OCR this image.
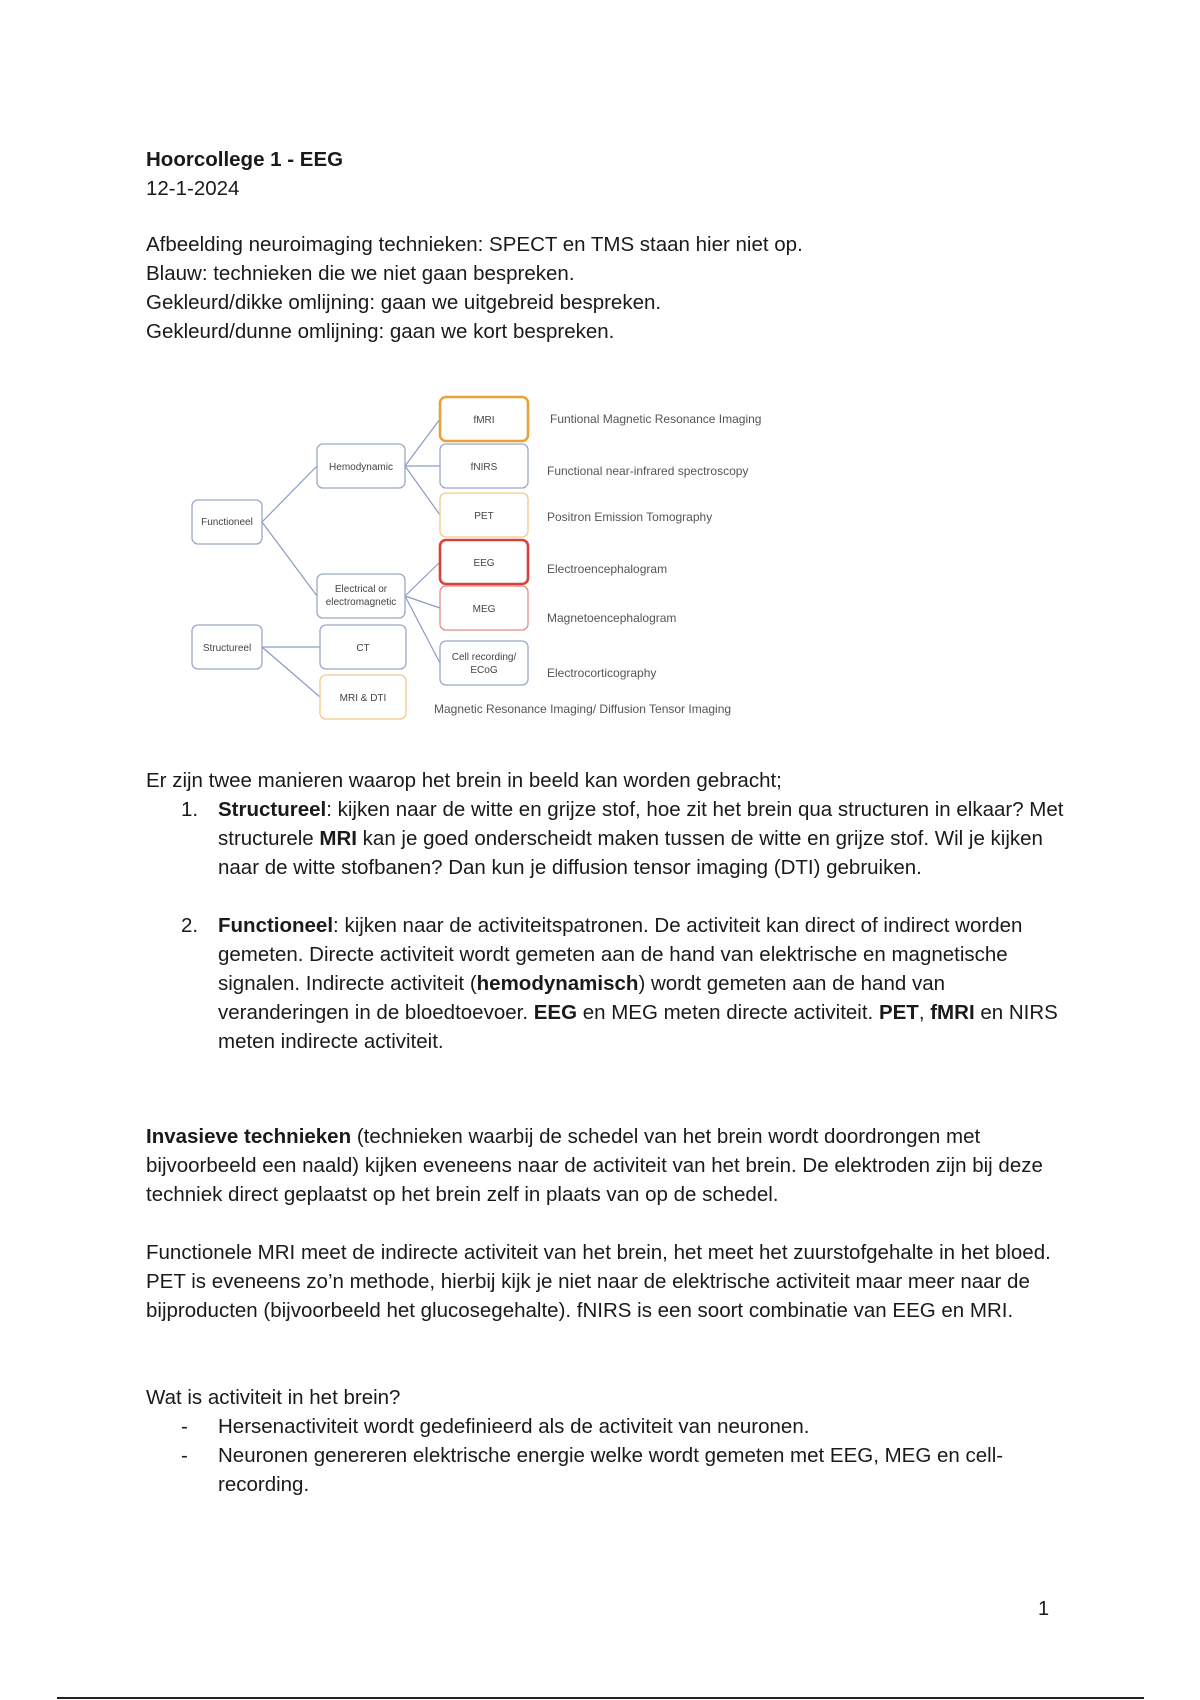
Hoorcollege 1 - EEG
12-1-2024
Afbeelding neuroimaging technieken: SPECT en TMS staan hier niet op.
Blauw: technieken die we niet gaan bespreken.
Gekleurd/dikke omlijning: gaan we uitgebreid bespreken.
Gekleurd/dunne omlijning: gaan we kort bespreken.
Functioneel
Structureel
Hemodynamic
Electrical or
electromagnetic
CT
MRI & DTI
fMRI
fNIRS
PET
EEG
MEG
Cell recording/
ECoG
Funtional Magnetic Resonance Imaging
Functional near-infrared spectroscopy
Positron Emission Tomography
Electroencephalogram
Magnetoencephalogram
Electrocorticography
Magnetic Resonance Imaging/ Diffusion Tensor Imaging
Er zijn twee manieren waarop het brein in beeld kan worden gebracht;
1. Structureel: kijken naar de witte en grijze stof, hoe zit het brein qua structuren in elkaar? Met structurele MRI kan je goed onderscheidt maken tussen de witte en grijze stof. Wil je kijken naar de witte stofbanen? Dan kun je diffusion tensor imaging (DTI) gebruiken.
2. Functioneel: kijken naar de activiteitspatronen. De activiteit kan direct of indirect worden gemeten. Directe activiteit wordt gemeten aan de hand van elektrische en magnetische signalen. Indirecte activiteit (hemodynamisch) wordt gemeten aan de hand van veranderingen in de bloedtoevoer. EEG en MEG meten directe activiteit. PET, fMRI en NIRS meten indirecte activiteit.
Invasieve technieken (technieken waarbij de schedel van het brein wordt doordrongen met bijvoorbeeld een naald) kijken eveneens naar de activiteit van het brein. De elektroden zijn bij deze techniek direct geplaatst op het brein zelf in plaats van op de schedel.
Functionele MRI meet de indirecte activiteit van het brein, het meet het zuurstofgehalte in het bloed. PET is eveneens zo’n methode, hierbij kijk je niet naar de elektrische activiteit maar meer naar de bijproducten (bijvoorbeeld het glucosegehalte). fNIRS is een soort combinatie van EEG en MRI.
Wat is activiteit in het brein?
- Hersenactiviteit wordt gedefinieerd als de activiteit van neuronen.
- Neuronen genereren elektrische energie welke wordt gemeten met EEG, MEG en cell-recording.
1
